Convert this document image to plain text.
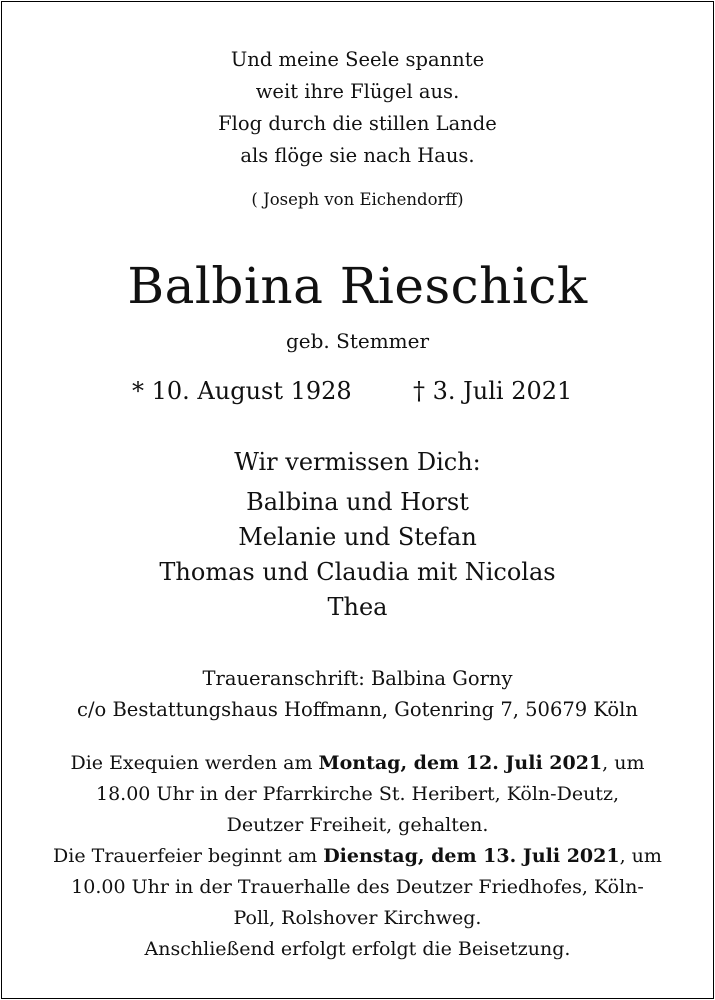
Und meine Seele spannte
weit ihre Flügel aus.
Flog durch die stillen Lande
als flöge sie nach Haus.
( Joseph von Eichendorff)
Balbina Rieschick
geb. Stemmer
* 10. August 1928	† 3. Juli 2021
Wir vermissen Dich:
Balbina und Horst
Melanie und Stefan
Thomas und Claudia mit Nicolas
Thea
Traueranschrift: Balbina Gorny
c/o Bestattungshaus Hoffmann, Gotenring 7, 50679 Köln
Die Exequien werden am Montag, dem 12. Juli 2021, um
18.00 Uhr in der Pfarrkirche St. Heribert, Köln-Deutz,
Deutzer Freiheit, gehalten.
Die Trauerfeier beginnt am Dienstag, dem 13. Juli 2021, um
10.00 Uhr in der Trauerhalle des Deutzer Friedhofes, Köln-
Poll, Rolshover Kirchweg.
Anschließend erfolgt erfolgt die Beisetzung.
